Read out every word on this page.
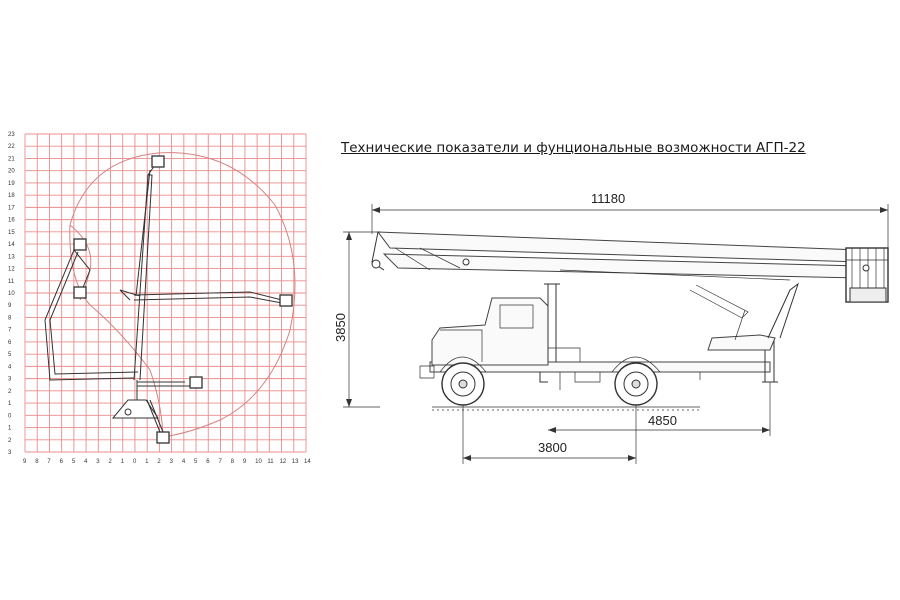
Технические показатели и фунциональные возможности АГП-22
23
22
21
20
19
18
17
16
15
14
13
12
11
10
9
8
7
6
5
4
3
2
1
0
1
2
3
9 8 7 6 5 4 3 2 1 0 1 2 3 4 5 6 7 8 9 10 11 12 13 14
11180
3850
4850
3800
